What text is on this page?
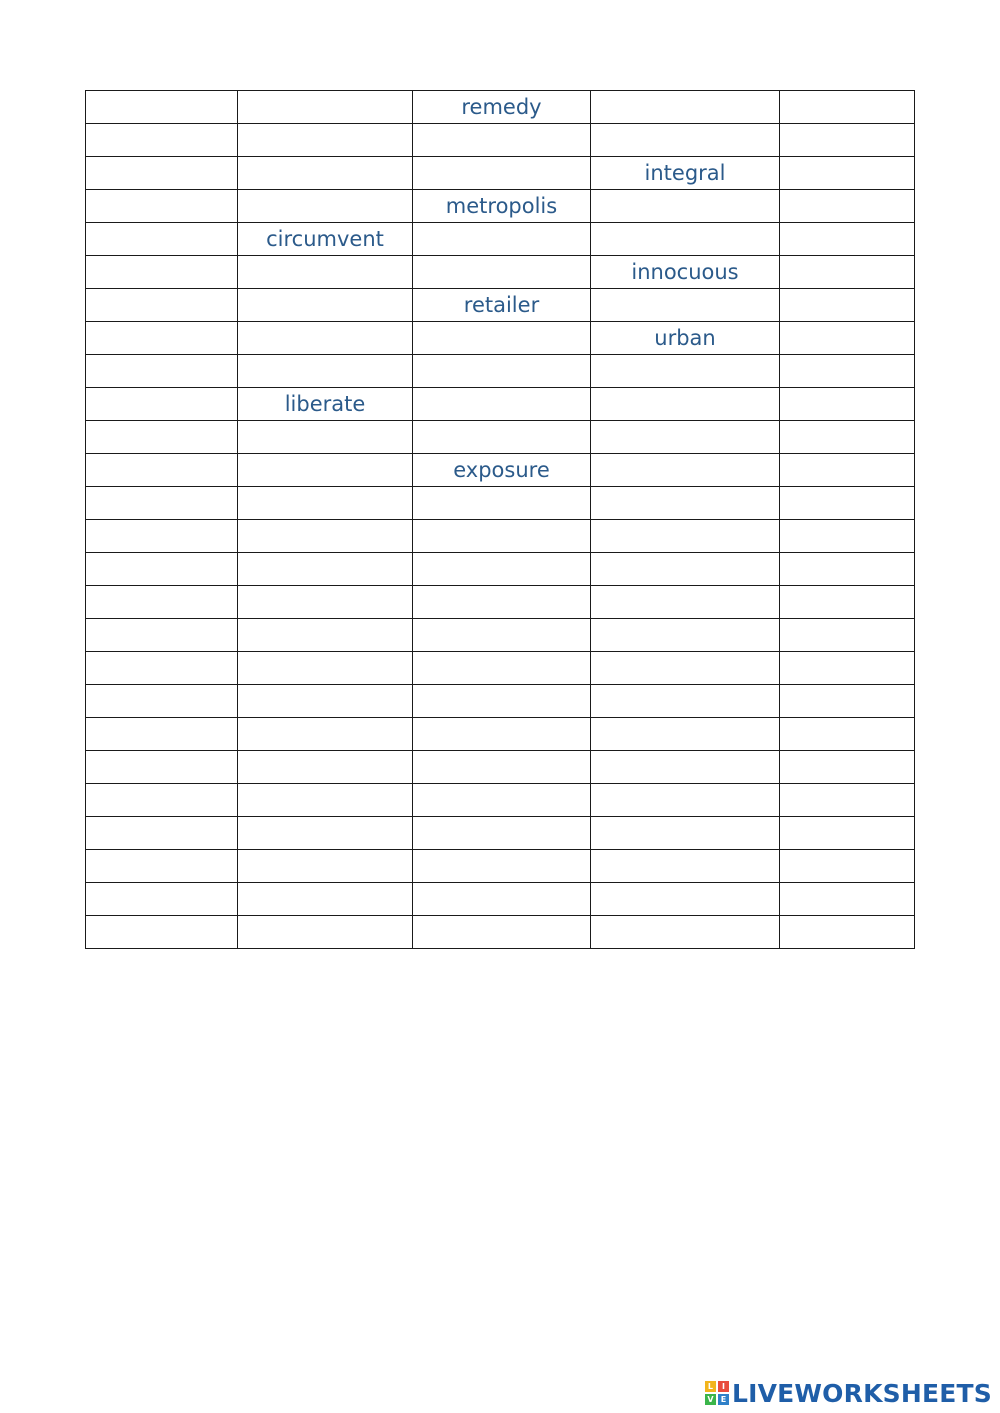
		remedy		

			integral	
		metropolis		
	circumvent			
			innocuous	
		retailer		
			urban	

	liberate			

		exposure		

L	I
V E LIVEWORKSHEETS
